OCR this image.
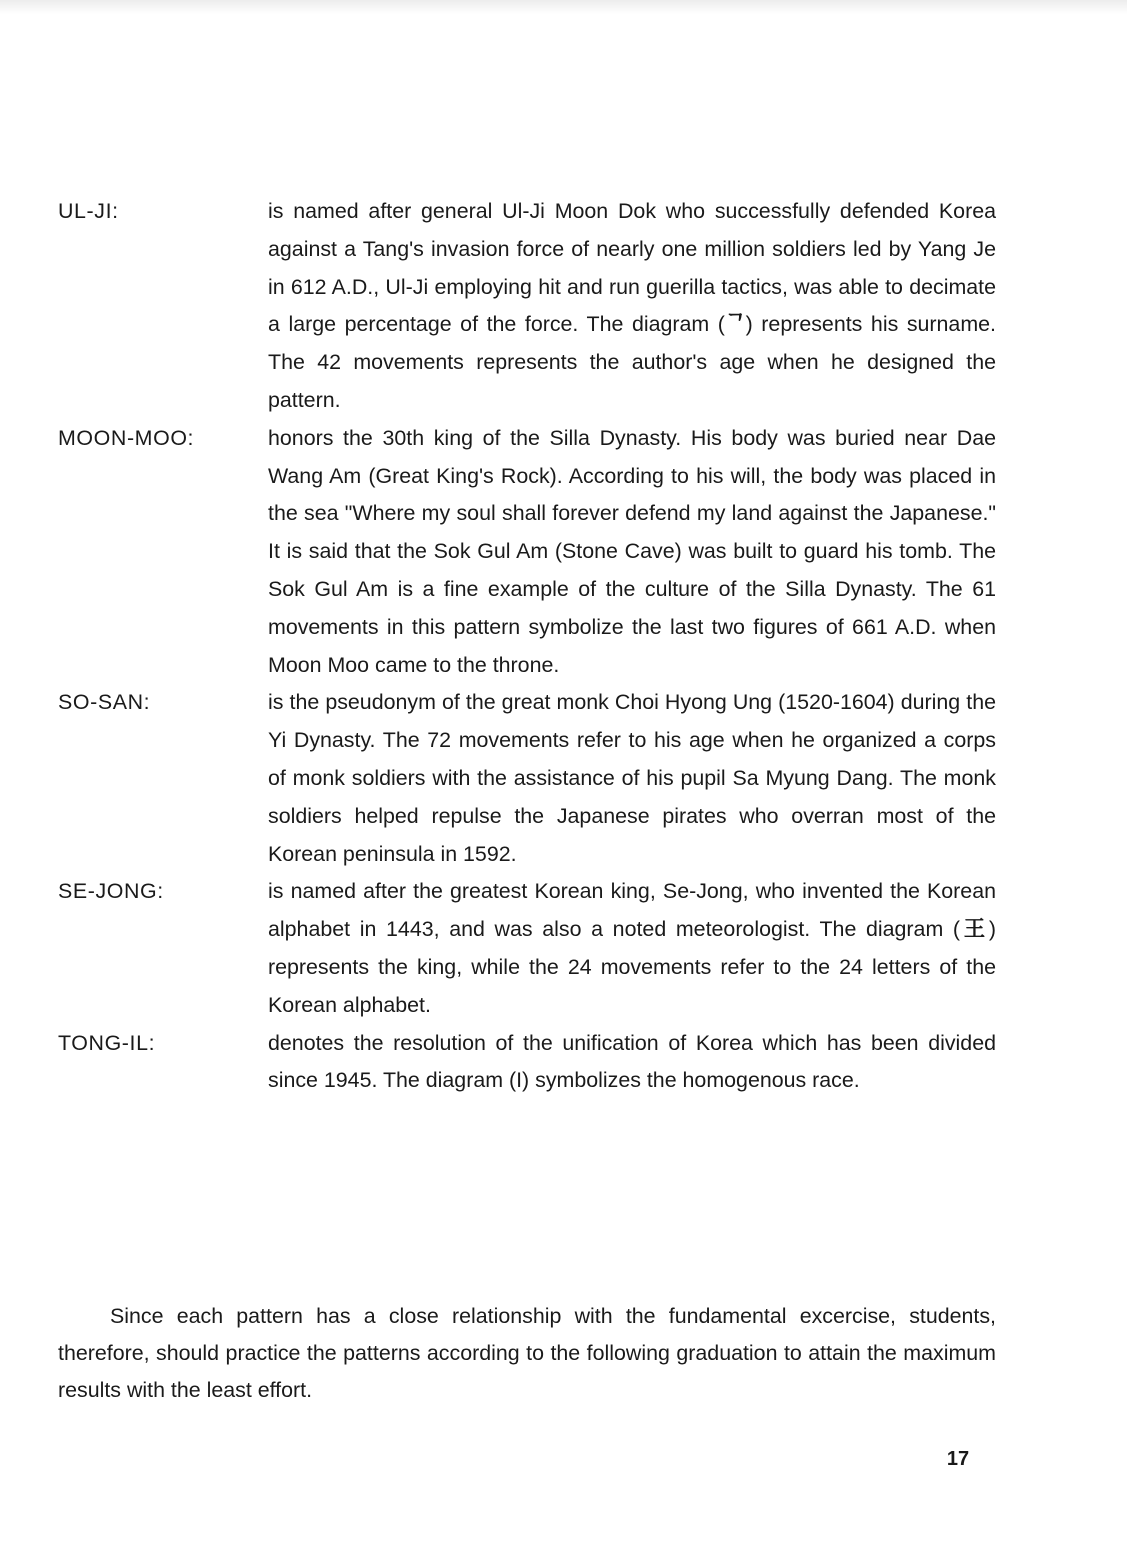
UL-JI:	is named after general Ul-Ji Moon Dok who successfully defended Korea against a Tang's invasion force of nearly one million soldiers led by Yang Je in 612 A.D., Ul-Ji employing hit and run guerilla tactics, was able to decimate a large percentage of the force. The diagram (ᄀ) represents his surname. The 42 movements represents the author's age when he designed the pattern.
MOON-MOO:	honors the 30th king of the Silla Dynasty. His body was buried near Dae Wang Am (Great King's Rock). According to his will, the body was placed in the sea "Where my soul shall forever defend my land against the Japanese." It is said that the Sok Gul Am (Stone Cave) was built to guard his tomb. The Sok Gul Am is a fine example of the culture of the Silla Dynasty. The 61 movements in this pattern symbolize the last two figures of 661 A.D. when Moon Moo came to the throne.
SO-SAN:	is the pseudonym of the great monk Choi Hyong Ung (1520-1604) during the Yi Dynasty. The 72 movements refer to his age when he organized a corps of monk soldiers with the assistance of his pupil Sa Myung Dang. The monk soldiers helped repulse the Japanese pirates who overran most of the Korean peninsula in 1592.
SE-JONG:	is named after the greatest Korean king, Se-Jong, who invented the Korean alphabet in 1443, and was also a noted meteorologist. The diagram (王) represents the king, while the 24 movements refer to the 24 letters of the Korean alphabet.
TONG-IL:	denotes the resolution of the unification of Korea which has been divided since 1945. The diagram (I) symbolizes the homogenous race.

Since each pattern has a close relationship with the fundamental excercise, students, therefore, should practice the patterns according to the following graduation to attain the maximum results with the least effort.

17
